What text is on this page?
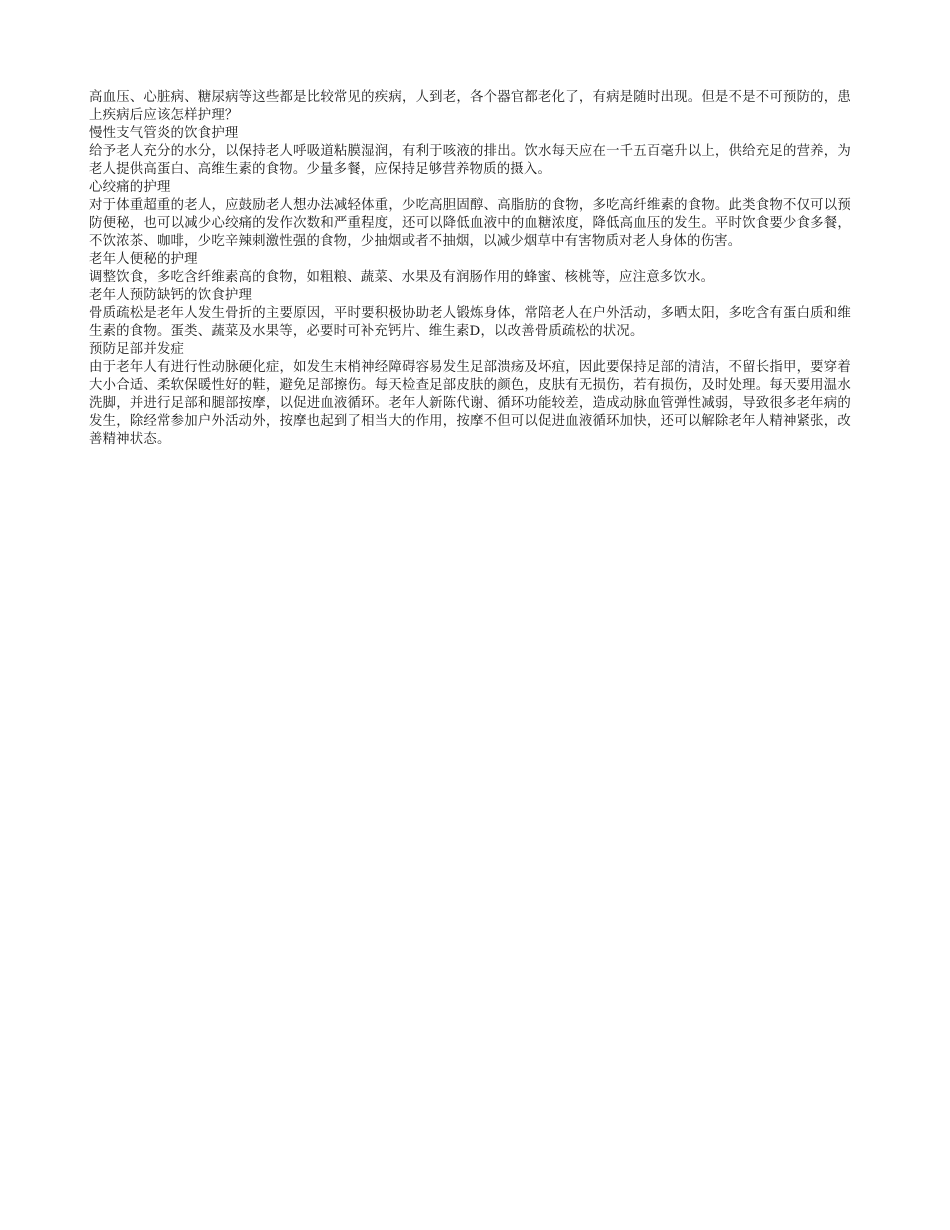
高血压、心脏病、糖尿病等这些都是比较常见的疾病，人到老，各个器官都老化了，有病是随时出现。但是不是不可预防的，患上疾病后应该怎样护理？

慢性支气管炎的饮食护理

给予老人充分的水分，以保持老人呼吸道粘膜湿润，有利于咳液的排出。饮水每天应在一千五百毫升以上，供给充足的营养，为老人提供高蛋白、高维生素的食物。少量多餐，应保持足够营养物质的摄入。

心绞痛的护理

对于体重超重的老人，应鼓励老人想办法减轻体重，少吃高胆固醇、高脂肪的食物，多吃高纤维素的食物。此类食物不仅可以预防便秘，也可以减少心绞痛的发作次数和严重程度，还可以降低血液中的血糖浓度，降低高血压的发生。平时饮食要少食多餐，不饮浓茶、咖啡，少吃辛辣刺激性强的食物，少抽烟或者不抽烟，以减少烟草中有害物质对老人身体的伤害。

老年人便秘的护理

调整饮食，多吃含纤维素高的食物，如粗粮、蔬菜、水果及有润肠作用的蜂蜜、核桃等，应注意多饮水。

老年人预防缺钙的饮食护理

骨质疏松是老年人发生骨折的主要原因，平时要积极协助老人锻炼身体，常陪老人在户外活动，多晒太阳，多吃含有蛋白质和维生素的食物。蛋类、蔬菜及水果等，必要时可补充钙片、维生素D，以改善骨质疏松的状况。

预防足部并发症

由于老年人有进行性动脉硬化症，如发生末梢神经障碍容易发生足部溃疡及坏疽，因此要保持足部的清洁，不留长指甲，要穿着大小合适、柔软保暖性好的鞋，避免足部擦伤。每天检查足部皮肤的颜色，皮肤有无损伤，若有损伤，及时处理。每天要用温水洗脚，并进行足部和腿部按摩，以促进血液循环。老年人新陈代谢、循环功能较差，造成动脉血管弹性减弱，导致很多老年病的发生，除经常参加户外活动外，按摩也起到了相当大的作用，按摩不但可以促进血液循环加快，还可以解除老年人精神紧张，改善精神状态。
